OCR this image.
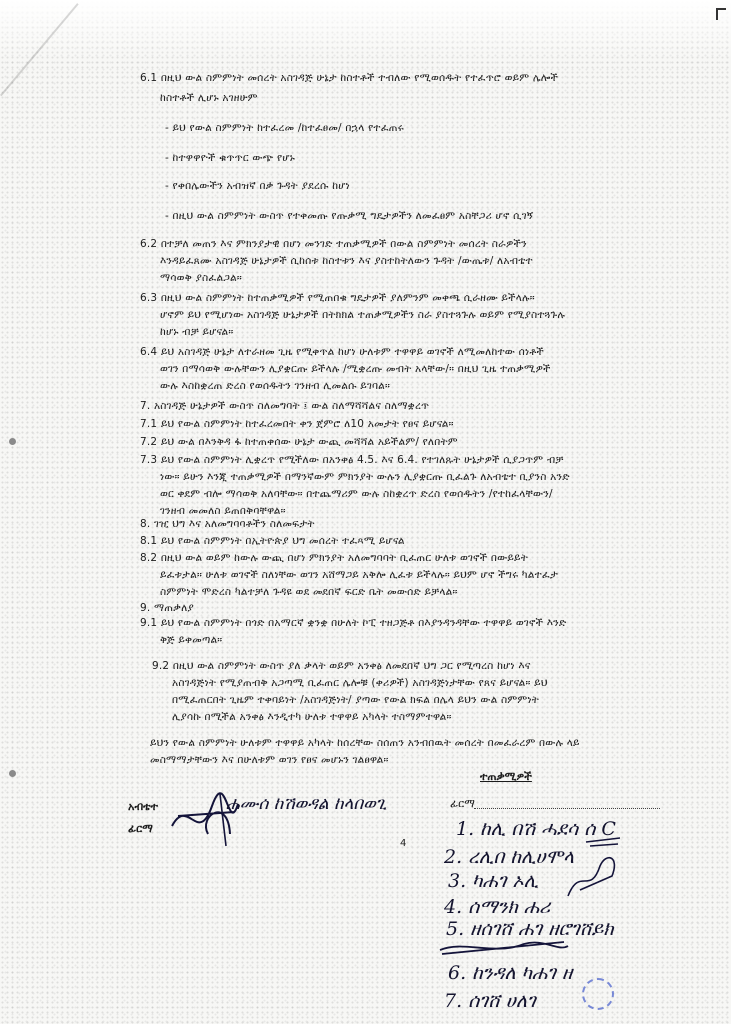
6.1 በዚህ ውል ስምምነት መሰረት አስገዳጅ ሁኔታ ከስተቶች ተብለው የሚወሰዱት የተፈጥሮ ወይም ሌሎች
ከስተቶች ሊሆኑ አገዘሁም
- ይህ የውል ስምምነት ከተፈረመ /ከተፈፀመ/ በኋላ የተፈጠሩ
- ከተዋዋዮች ቁጥጥር ውጭ የሆኑ
- የቀበሌውችን አብዝኛ በቃ ጉዳት ያደረሱ ከሆነ
- በዚህ ውል ስምምነት ውስጥ የተቀመጡ የጡቃሚ ግዴታዎችን ለመፈፀም አስቸጋሪ ሆኖ ሲገኝ
6.2 በተቻለ መጠን እና ምክንያታዊ በሆነ መንገድ ተጠቃሚዎች በውል ስምምነት መሰረት ስራዎችን
እንዳይፈጸሙ አስገዳጅ ሁኔታዎች ሲከሰቱ ከስተቱን እና ያስተከትለውን ጉዳት /ውጤቱ/ ለአብቴተ
ማሳወቅ ያስፈልጋል።
6.3 በዚህ ውል ስምምነት ከተጠቃሚዎች የሚጠበቁ ግዴታዎች ያለምንም መቀጫ ሲራዘሙ ይችላሉ።
ሆኖም ይህ የሚሆነው አስገዳጅ ሁኔታዎች በትክክል ተጠቃሚዎችን ስራ ያስተጓጉሉ ወይም የሚያስተጓጉሉ
ከሆኑ ብቻ ይሆናል።
6.4 ይህ አስገዳጅ ሁኔታ ለተራዘመ ጊዜ የሚቀጥል ከሆነ ሁለቱም ተዋዋይ ወገኖች ለሚመለከተው ሰነቶች
ወገን በማሳወቅ ውሉቸውን ሊያቋርጡ ይችላሉ /ሚቋረጡ መብት አላቸው/። በዚህ ጊዜ ተጠቃሚዎች
ውሉ እስከቋረጠ ድረስ የወሰዱትን ገንዘብ ሊመልሱ ይገባል።
7. አስገዳጅ ሁኔታዎች ውስጥ ስለመግባት ፤ ውል ስለማሻሻልና ስለማቋረጥ
7.1 ይህ የውል ስምምነት ከተፈረመበት ቀን ጀምሮ ለ10 አመታት የፀና ይሆናል።
7.2 ይህ ውል በእንቅዳ ፋ ከተጠቀሰው ሁኔታ ውጪ መሻሻል አይችልም/ የለበትም
7.3 ይህ የውል ስምምነት ሊቋረጥ የሚችለው በአንቀፅ 4.5. እና 6.4. የተገለጹት ሁኔታዎች ሲያጋጥም ብቻ
ነው። ይሁን እንጂ ተጠቃሚዎች በማንኛውም ምክንያት ውሉን ሊያቋርጡ ቢፈልጉ ለአብቴተ ቢያንስ አንድ
ወር ቀደም ብሎ ማሳወቅ አለባቸው። በተጨማሪም ውሉ ስከቋረጥ ድረስ የወሰዱትን /የተከፈላቸውን/
ገንዘብ መመለስ ይጠበቅባቸዋል።
8. ገዢ ህግ እና አለመግባባቶችን ስለመፍታት
8.1 ይህ የውል ስምምነት በኢትዮጵያ ህግ መሰረት ተፈጻሚ ይሆናል
8.2 በዚህ ውል ወይም ከውሉ ውጪ በሆነ ምክንያት አለመግባባት ቢፈጠር ሁለቱ ወገኖች በውይይት
ይፈቱታል። ሁለቱ ወገኖች ስለነቸው ወገን አሸማጋይ አቅሎ ሊፈቱ ይችላሉ። ይህም ሆኖ ችግሩ ካልተፈታ
ስምምነት ሞድረስ ካልተቻለ ጉዳዩ ወደ መደበኛ ፍርድ ቤት መውሰድ ይቻላል።
9. ማጠቃለያ
9.1 ይህ የውል ስምምነት በጎድ በአማርኛ ቋንቋ በሁለት ኮፒ ተዘጋጅቶ በእያንዳንዳቸው ተዋዋይ ወገኖች እንድ
ቅጅ ይቀመጣል።
9.2 በዚህ ውል ስምምነት ውስጥ ያለ ቃላት ወይም አንቀፅ ለመደበኛ ህግ ጋር የሚጣረስ ከሆነ እና
አስገዳጅነት የሚያጠብቅ አጋጣሚ ቢፈጠር ሌሎቹ (ቀሪዎች) አስገዳጅነታቸው የጸና ይሆናል። ይህ
በሚፈጠርበት ጊዜም ተቀባይነት /አስገዳጅነት/ ያጣው የውል ክፍል በሌላ ይህን ውል ስምምነት
ሊያሳኩ በሚችል አንቀፅ እንዲተካ ሁለቱ ተዋዋይ አካላት ተስማምተዋል።
ይህን የውል ስምምነት ሁለቱም ተዋዋይ አካላት ከሰረቸው ስሰጠን አንብበዉት መሰረት በመፈራረም በውሉ ላይ
መስማማታቸውን እና በሁለቱም ወገን የፀና መሆኑን ገልፀዋል።
አብቴተ
ፊርማ
ሐሙሰ ከሽወዳል ከላበወጊ
ተጠቃሚዎች
ፊርማ
4
1. ከሊ በሽ ሓደሳ ሰ C
2. ረሊበ ከሊሀሞላ
3. ካሐገ ኦሊ
4. ሰማንክ ሐሪ
5. ዘሰገሸ ሐገ ዘሮገሸይክ
6. ከንዳለ ካሐገ ዘ
7. ሰገሸ ሀለገ
